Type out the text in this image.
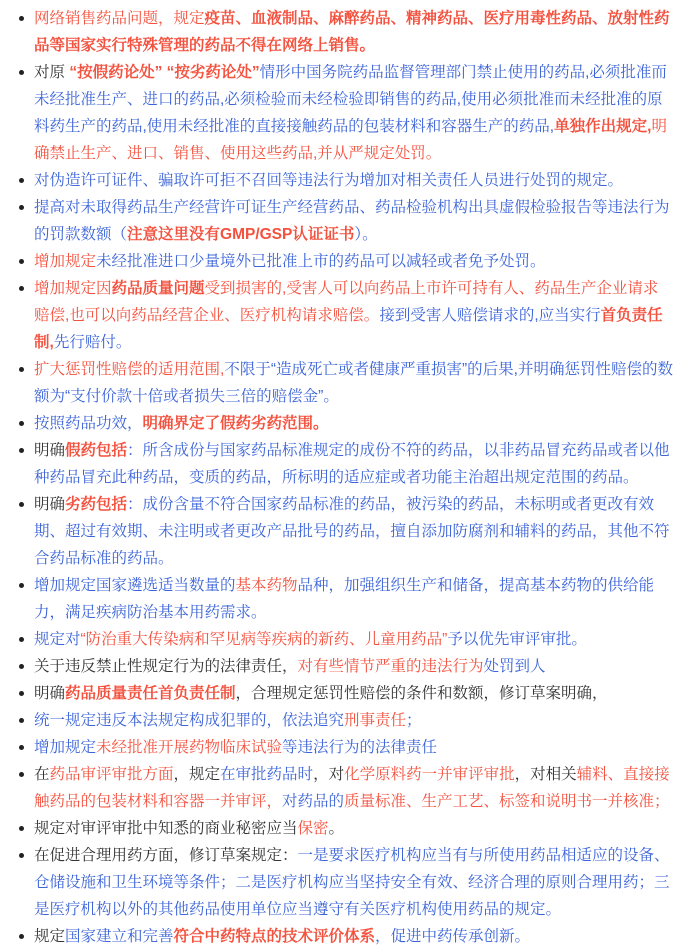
网络销售药品问题，规定疫苗、血液制品、麻醉药品、精神药品、医疗用毒性药品、放射性药品等国家实行特殊管理的药品不得在网络上销售。
对原 “按假药论处” “按劣药论处”情形中国务院药品监督管理部门禁止使用的药品,必须批准而未经批准生产、进口的药品,必须检验而未经检验即销售的药品,使用必须批准而未经批准的原料药生产的药品,使用未经批准的直接接触药品的包装材料和容器生产的药品,单独作出规定,明确禁止生产、进口、销售、使用这些药品,并从严规定处罚。
对伪造许可证件、骗取许可拒不召回等违法行为增加对相关责任人员进行处罚的规定。
提高对未取得药品生产经营许可证生产经营药品、药品检验机构出具虚假检验报告等违法行为的罚款数额（注意这里没有GMP/GSP认证证书）。
增加规定未经批准进口少量境外已批准上市的药品可以减轻或者免予处罚。
增加规定因药品质量问题受到损害的,受害人可以向药品上市许可持有人、药品生产企业请求赔偿,也可以向药品经营企业、医疗机构请求赔偿。接到受害人赔偿请求的,应当实行首负责任制,先行赔付。
扩大惩罚性赔偿的适用范围,不限于“造成死亡或者健康严重损害”的后果,并明确惩罚性赔偿的数额为“支付价款十倍或者损失三倍的赔偿金”。
按照药品功效，明确界定了假药劣药范围。
明确假药包括：所含成份与国家药品标准规定的成份不符的药品，以非药品冒充药品或者以他种药品冒充此种药品，变质的药品，所标明的适应症或者功能主治超出规定范围的药品。
明确劣药包括：成份含量不符合国家药品标准的药品，被污染的药品，未标明或者更改有效期、超过有效期、未注明或者更改产品批号的药品，擅自添加防腐剂和辅料的药品，其他不符合药品标准的药品。
增加规定国家遴选适当数量的基本药物品种，加强组织生产和储备，提高基本药物的供给能力，满足疾病防治基本用药需求。
规定对“防治重大传染病和罕见病等疾病的新药、儿童用药品”予以优先审评审批。
关于违反禁止性规定行为的法律责任，对有些情节严重的违法行为处罚到人
明确药品质量责任首负责任制，合理规定惩罚性赔偿的条件和数额，修订草案明确，
统一规定违反本法规定构成犯罪的，依法追究刑事责任；
增加规定未经批准开展药物临床试验等违法行为的法律责任
在药品审评审批方面，规定在审批药品时，对化学原料药一并审评审批，对相关辅料、直接接触药品的包装材料和容器一并审评，对药品的质量标准、生产工艺、标签和说明书一并核准；
规定对审评审批中知悉的商业秘密应当保密。
在促进合理用药方面，修订草案规定：一是要求医疗机构应当有与所使用药品相适应的设备、仓储设施和卫生环境等条件；二是医疗机构应当坚持安全有效、经济合理的原则合理用药；三是医疗机构以外的其他药品使用单位应当遵守有关医疗机构使用药品的规定。
规定国家建立和完善符合中药特点的技术评价体系，促进中药传承创新。
